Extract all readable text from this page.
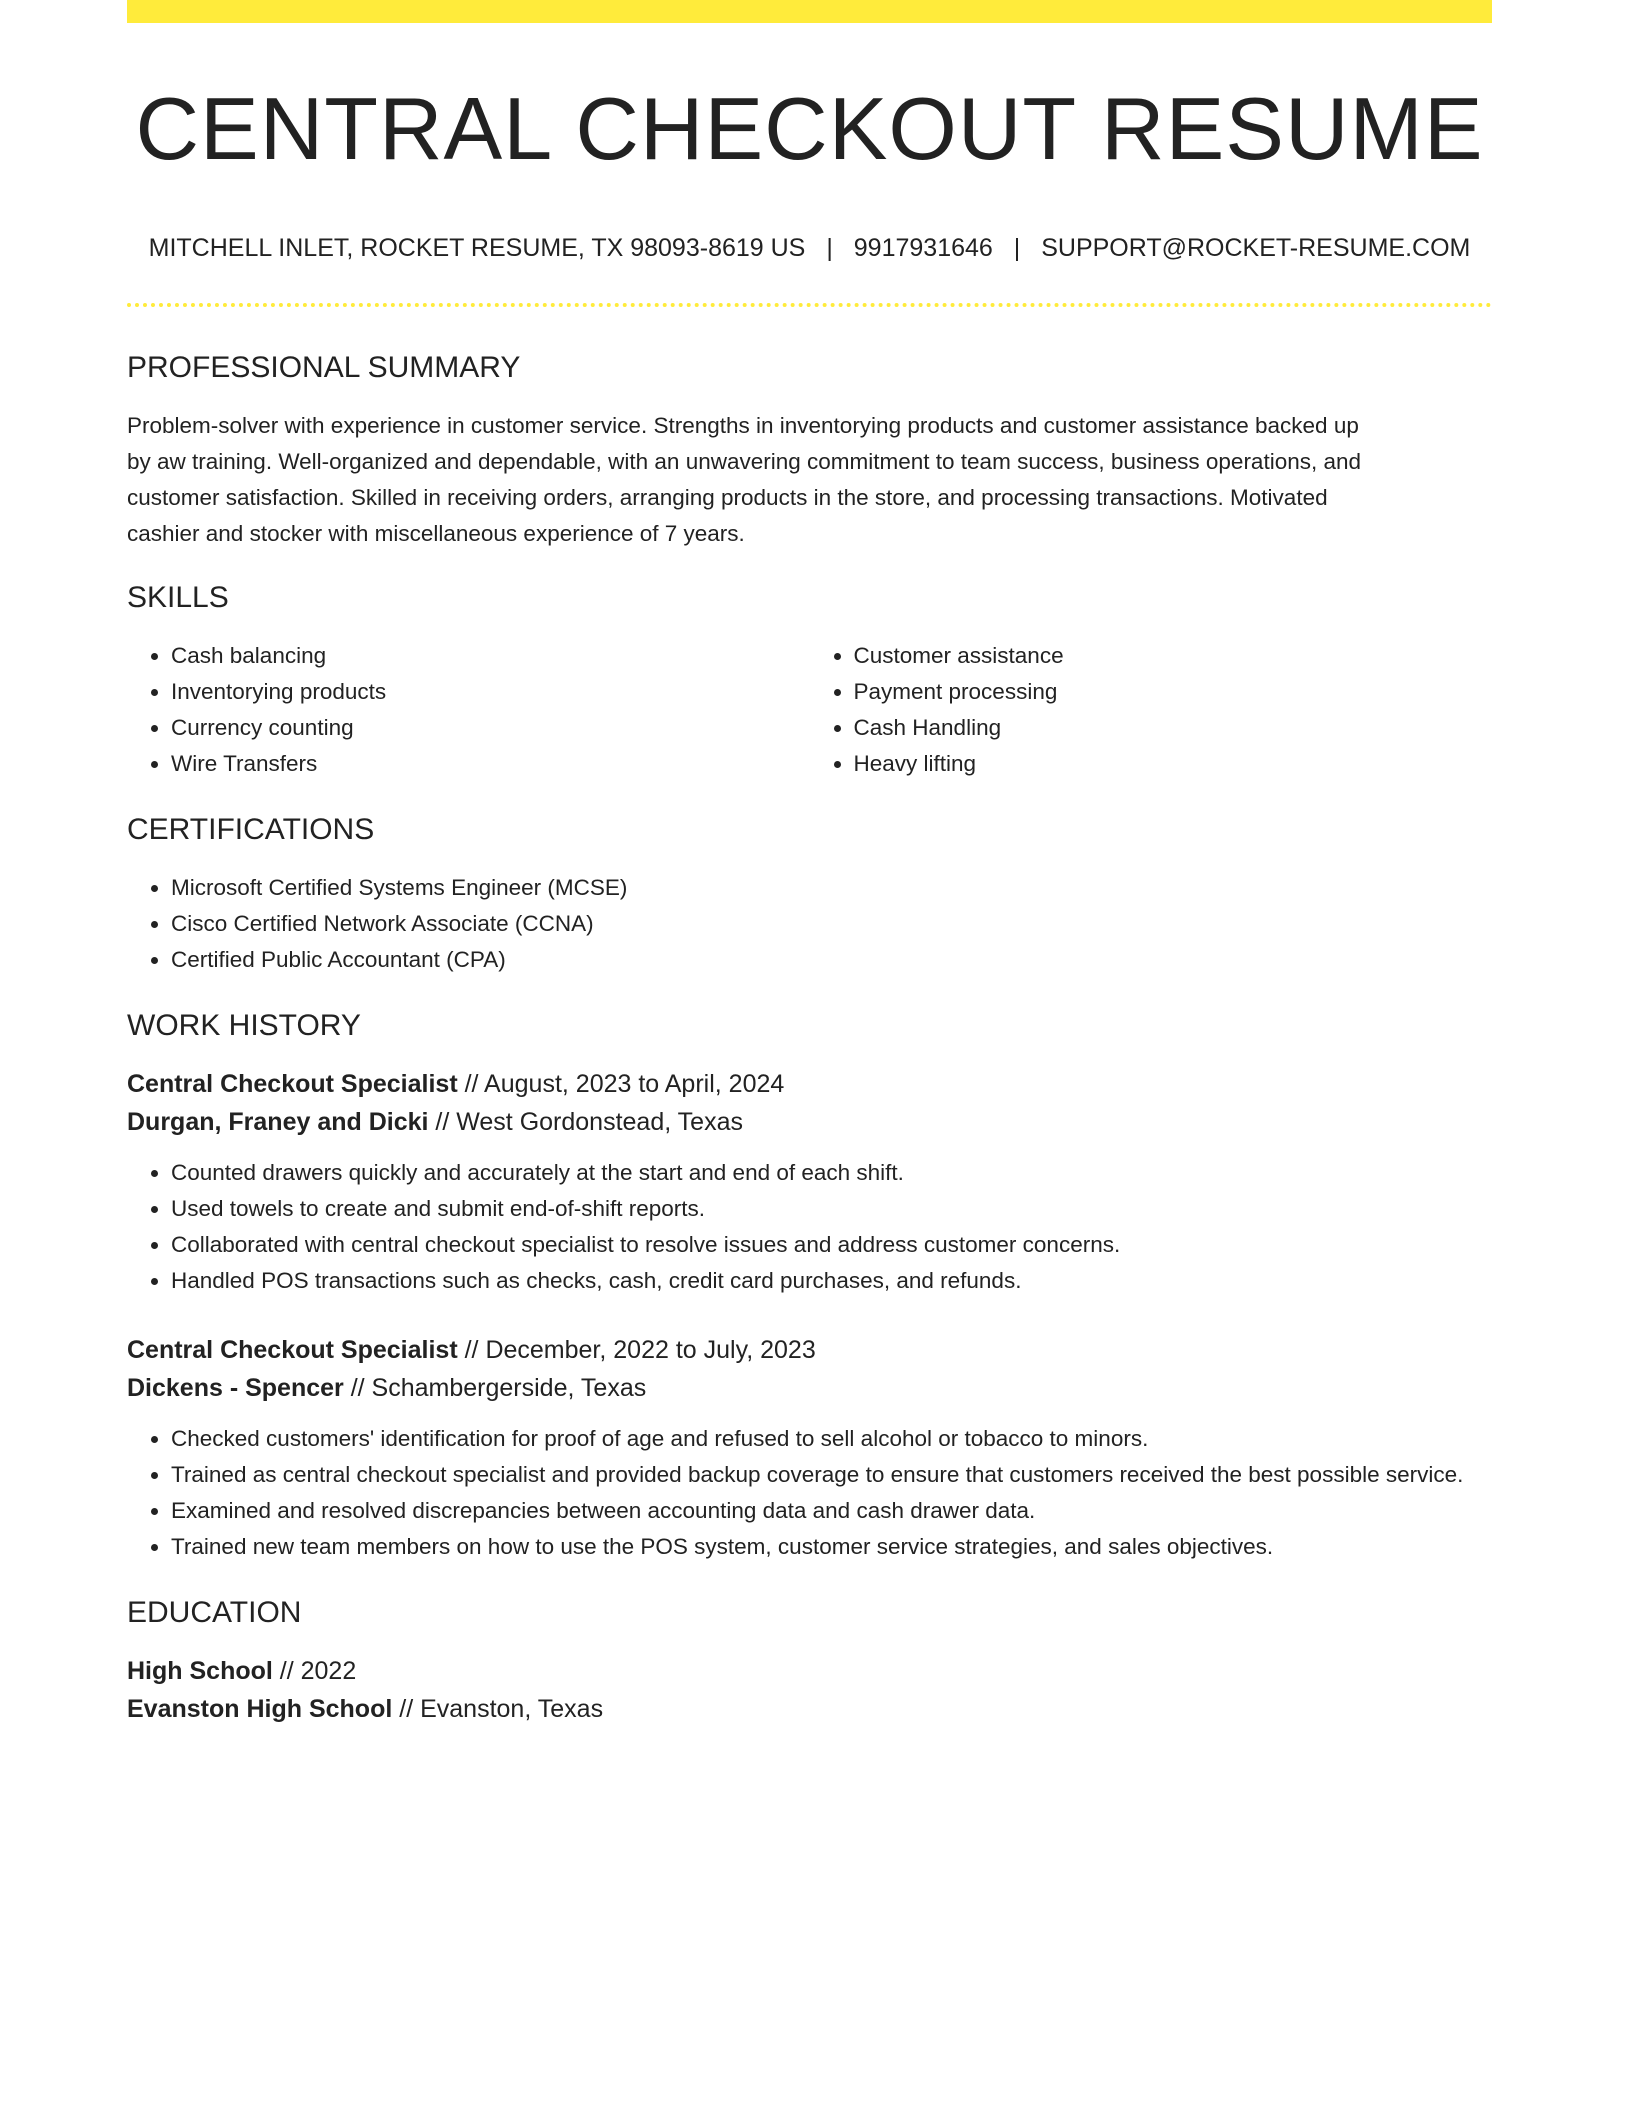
CENTRAL CHECKOUT RESUME
MITCHELL INLET, ROCKET RESUME, TX 98093-8619 US | 9917931646 | SUPPORT@ROCKET-RESUME.COM
PROFESSIONAL SUMMARY
Problem-solver with experience in customer service. Strengths in inventorying products and customer assistance backed up
by aw training. Well-organized and dependable, with an unwavering commitment to team success, business operations, and
customer satisfaction. Skilled in receiving orders, arranging products in the store, and processing transactions. Motivated
cashier and stocker with miscellaneous experience of 7 years.
SKILLS
• Cash balancing
• Inventorying products
• Currency counting
• Wire Transfers
• Customer assistance
• Payment processing
• Cash Handling
• Heavy lifting
CERTIFICATIONS
• Microsoft Certified Systems Engineer (MCSE)
• Cisco Certified Network Associate (CCNA)
• Certified Public Accountant (CPA)
WORK HISTORY
Central Checkout Specialist // August, 2023 to April, 2024
Durgan, Franey and Dicki // West Gordonstead, Texas
• Counted drawers quickly and accurately at the start and end of each shift.
• Used towels to create and submit end-of-shift reports.
• Collaborated with central checkout specialist to resolve issues and address customer concerns.
• Handled POS transactions such as checks, cash, credit card purchases, and refunds.
Central Checkout Specialist // December, 2022 to July, 2023
Dickens - Spencer // Schambergerside, Texas
• Checked customers' identification for proof of age and refused to sell alcohol or tobacco to minors.
• Trained as central checkout specialist and provided backup coverage to ensure that customers received the best possible service.
• Examined and resolved discrepancies between accounting data and cash drawer data.
• Trained new team members on how to use the POS system, customer service strategies, and sales objectives.
EDUCATION
High School // 2022
Evanston High School // Evanston, Texas
